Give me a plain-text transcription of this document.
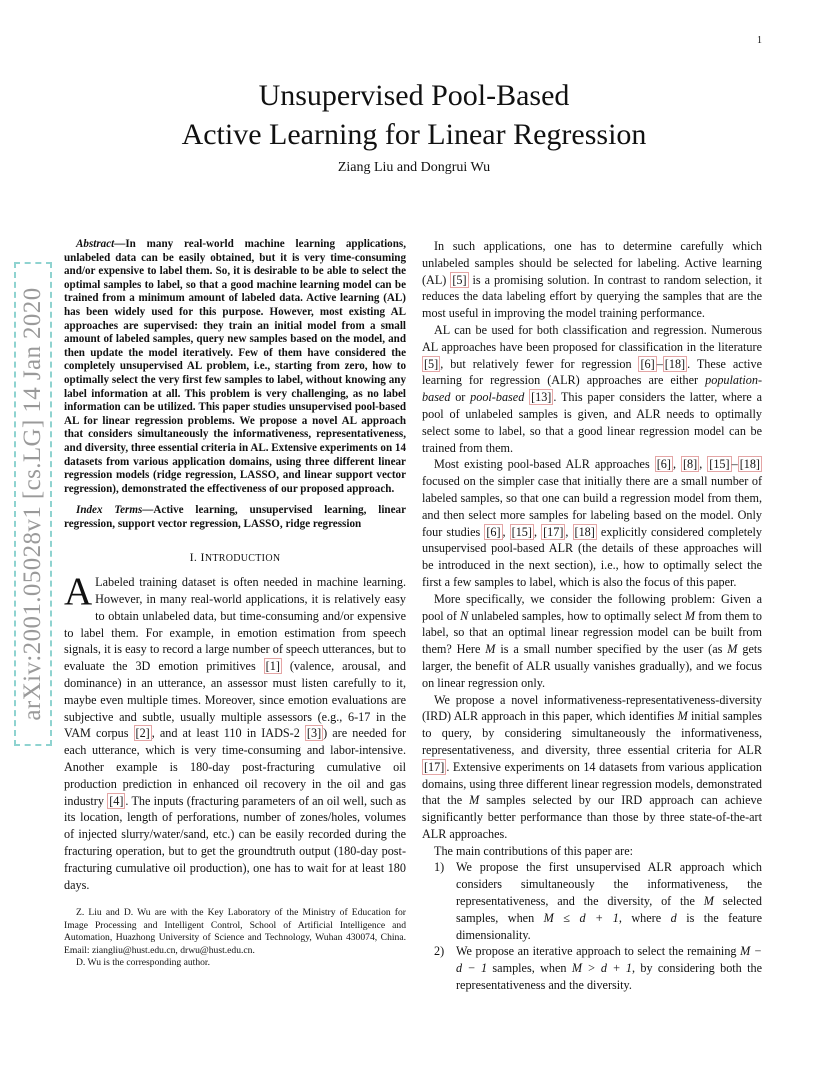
1
Unsupervised Pool-Based
Active Learning for Linear Regression
Ziang Liu and Dongrui Wu
arXiv:2001.05028v1 [cs.LG] 14 Jan 2020
Abstract—In many real-world machine learning applications, unlabeled data can be easily obtained, but it is very time-consuming and/or expensive to label them. So, it is desirable to be able to select the optimal samples to label, so that a good machine learning model can be trained from a minimum amount of labeled data. Active learning (AL) has been widely used for this purpose. However, most existing AL approaches are supervised: they train an initial model from a small amount of labeled samples, query new samples based on the model, and then update the model iteratively. Few of them have considered the completely unsupervised AL problem, i.e., starting from zero, how to optimally select the very first few samples to label, without knowing any label information at all. This problem is very challenging, as no label information can be utilized. This paper studies unsupervised pool-based AL for linear regression problems. We propose a novel AL approach that considers simultaneously the informativeness, representativeness, and diversity, three essential criteria in AL. Extensive experiments on 14 datasets from various application domains, using three different linear regression models (ridge regression, LASSO, and linear support vector regression), demonstrated the effectiveness of our proposed approach.
Index Terms—Active learning, unsupervised learning, linear regression, support vector regression, LASSO, ridge regression
I. INTRODUCTION

A Labeled training dataset is often needed in machine learning. However, in many real-world applications, it is relatively easy to obtain unlabeled data, but time-consuming and/or expensive to label them. For example, in emotion estimation from speech signals, it is easy to record a large number of speech utterances, but to evaluate the 3D emotion primitives [1] (valence, arousal, and dominance) in an utterance, an assessor must listen carefully to it, maybe even multiple times. Moreover, since emotion evaluations are subjective and subtle, usually multiple assessors (e.g., 6-17 in the VAM corpus [2] , and at least 110 in IADS-2 [3] ) are needed for each utterance, which is very time-consuming and labor-intensive. Another example is 180-day post-fracturing cumulative oil production prediction in enhanced oil recovery in the oil and gas industry [4] . The inputs (fracturing parameters of an oil well, such as its location, length of perforations, number of zones/holes, volumes of injected slurry/water/sand, etc.) can be easily recorded during the fracturing operation, but to get the groundtruth output (180-day post-fracturing cumulative oil production), one has to wait for at least 180 days.

Z. Liu and D. Wu are with the Key Laboratory of the Ministry of Education for Image Processing and Intelligent Control, School of Artificial Intelligence and Automation, Huazhong University of Science and Technology, Wuhan 430074, China. Email: ziangliu@hust.edu.cn, drwu@hust.edu.cn.

D. Wu is the corresponding author.

In such applications, one has to determine carefully which unlabeled samples should be selected for labeling. Active learning (AL) [5] is a promising solution. In contrast to random selection, it reduces the data labeling effort by querying the samples that are the most useful in improving the model training performance.

AL can be used for both classification and regression. Numerous AL approaches have been proposed for classification in the literature [5] , but relatively fewer for regression [6] – [18] . These active learning for regression (ALR) approaches are either population-based or pool-based [13] . This paper considers the latter, where a pool of unlabeled samples is given, and ALR needs to optimally select some to label, so that a good linear regression model can be trained from them.

Most existing pool-based ALR approaches [6] , [8] , [15] – [18] focused on the simpler case that initially there are a small number of labeled samples, so that one can build a regression model from them, and then select more samples for labeling based on the model. Only four studies [6] , [15] , [17] , [18] explicitly considered completely unsupervised pool-based ALR (the details of these approaches will be introduced in the next section), i.e., how to optimally select the first a few samples to label, which is also the focus of this paper.

More specifically, we consider the following problem: Given a pool of N unlabeled samples, how to optimally select M from them to label, so that an optimal linear regression model can be built from them? Here M is a small number specified by the user (as M gets larger, the benefit of ALR usually vanishes gradually), and we focus on linear regression only.

We propose a novel informativeness-representativeness-diversity (IRD) ALR approach in this paper, which identifies M initial samples to query, by considering simultaneously the informativeness, representativeness, and diversity, three essential criteria for ALR [17] . Extensive experiments on 14 datasets from various application domains, using three different linear regression models, demonstrated that the M samples selected by our IRD approach can achieve significantly better performance than those by three state-of-the-art ALR approaches.

The main contributions of this paper are:

1) We propose the first unsupervised ALR approach which considers simultaneously the informativeness, the representativeness, and the diversity, of the M selected samples, when M ≤ d + 1, where d is the feature dimensionality.
2) We propose an iterative approach to select the remaining M − d − 1 samples, when M > d + 1, by considering both the representativeness and the diversity.
